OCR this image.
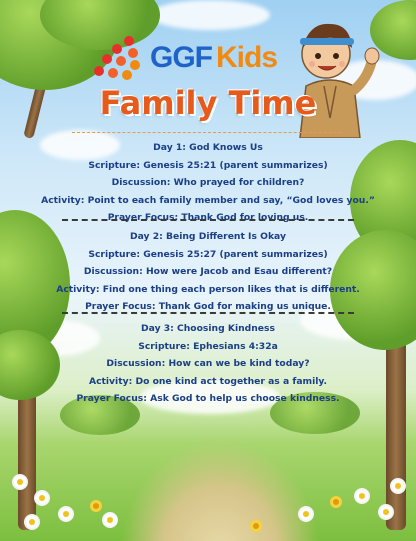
GGF Kids
Family Time
Day 1: God Knows Us
Scripture: Genesis 25:21 (parent summarizes)
Discussion: Who prayed for children?
Activity: Point to each family member and say, “God loves you.”
Prayer Focus: Thank God for loving us.
Day 2: Being Different Is Okay
Scripture: Genesis 25:27 (parent summarizes)
Discussion: How were Jacob and Esau different?
Activity: Find one thing each person likes that is different.
Prayer Focus: Thank God for making us unique.
Day 3: Choosing Kindness
Scripture: Ephesians 4:32a
Discussion: How can we be kind today?
Activity: Do one kind act together as a family.
Prayer Focus: Ask God to help us choose kindness.
